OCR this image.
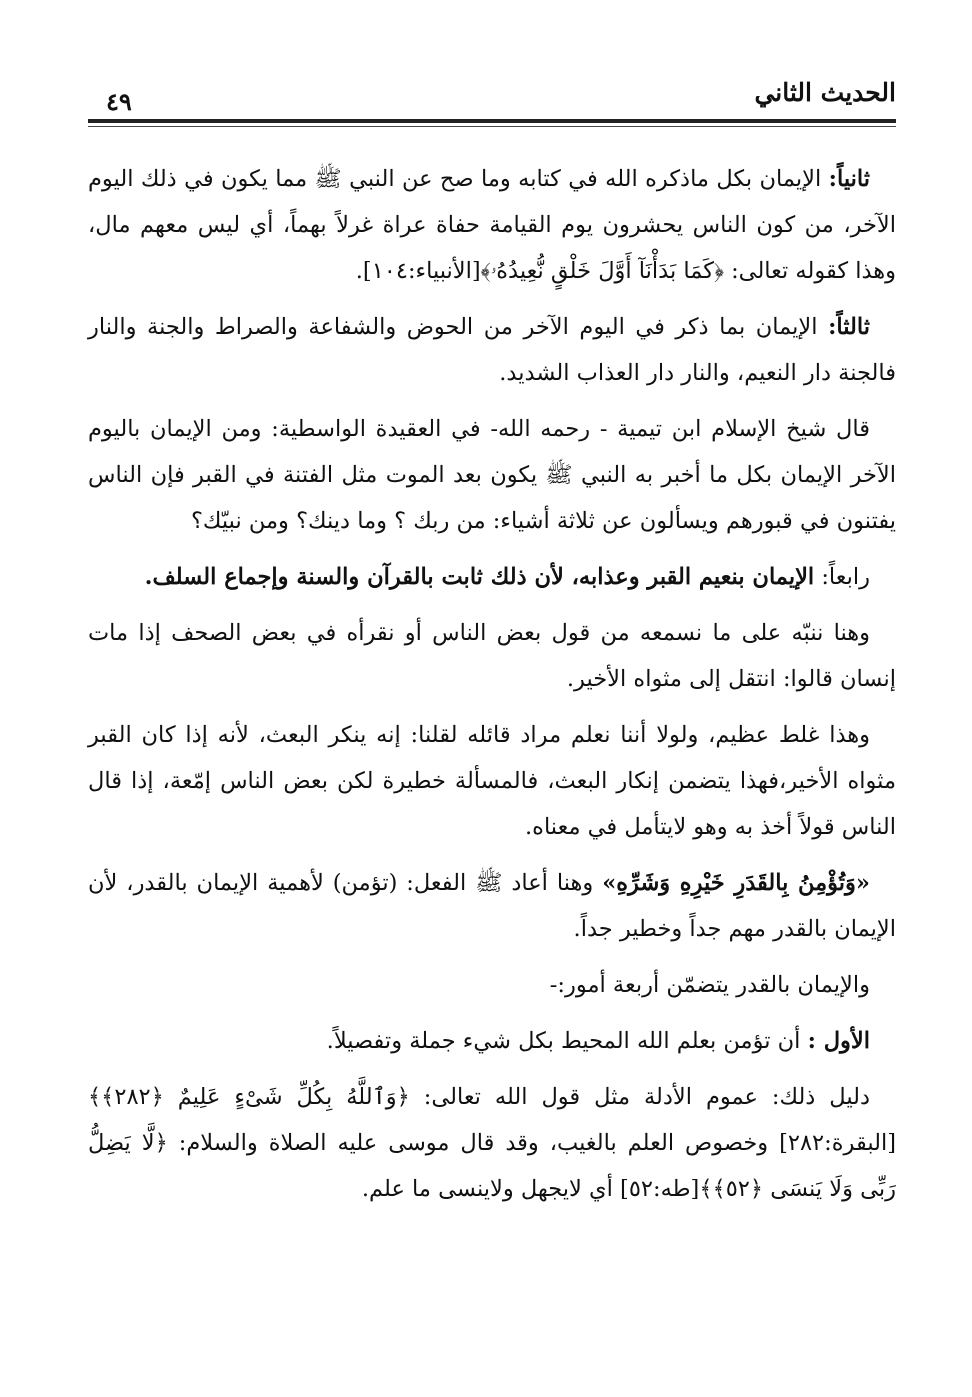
الحديث الثاني
٤٩

ثانياً: الإيمان بكل ماذكره الله في كتابه وما صح عن النبي ﷺ مما يكون في ذلك اليوم الآخر، من كون الناس يحشرون يوم القيامة حفاة عراة غرلاً بهماً، أي ليس معهم مال، وهذا كقوله تعالى: ﴿كَمَا بَدَأْنَآ أَوَّلَ خَلْقٍ نُّعِيدُهُۥ﴾[الأنبياء:١٠٤].

ثالثاً: الإيمان بما ذكر في اليوم الآخر من الحوض والشفاعة والصراط والجنة والنار فالجنة دار النعيم، والنار دار العذاب الشديد.

قال شيخ الإسلام ابن تيمية - رحمه الله- في العقيدة الواسطية: ومن الإيمان باليوم الآخر الإيمان بكل ما أخبر به النبي ﷺ يكون بعد الموت مثل الفتنة في القبر فإن الناس يفتنون في قبورهم ويسألون عن ثلاثة أشياء: من ربك ؟ وما دينك؟ ومن نبيّك؟

رابعاً: الإيمان بنعيم القبر وعذابه، لأن ذلك ثابت بالقرآن والسنة وإجماع السلف.

وهنا ننبّه على ما نسمعه من قول بعض الناس أو نقرأه في بعض الصحف إذا مات إنسان قالوا: انتقل إلى مثواه الأخير.

وهذا غلط عظيم، ولولا أننا نعلم مراد قائله لقلنا: إنه ينكر البعث، لأنه إذا كان القبر مثواه الأخير،فهذا يتضمن إنكار البعث، فالمسألة خطيرة لكن بعض الناس إمّعة، إذا قال الناس قولاً أخذ به وهو لايتأمل في معناه.

«وَتُؤْمِنُ بِالقَدَرِ خَيْرِهِ وَشَرِّهِ» وهنا أعاد ﷺ الفعل: (تؤمن) لأهمية الإيمان بالقدر، لأن الإيمان بالقدر مهم جداً وخطير جداً.

والإيمان بالقدر يتضمّن أربعة أمور:-

الأول : أن تؤمن بعلم الله المحيط بكل شيء جملة وتفصيلاً.

دليل ذلك: عموم الأدلة مثل قول الله تعالى: ﴿وَٱللَّهُ بِكُلِّ شَىْءٍ عَلِيمٌ ﴿٢٨٢﴾﴾ [البقرة:٢٨٢] وخصوص العلم بالغيب، وقد قال موسى عليه الصلاة والسلام: ﴿لَّا يَضِلُّ رَبِّى وَلَا يَنسَى ﴿٥٢﴾﴾[طه:٥٢] أي لايجهل ولاينسى ما علم.
